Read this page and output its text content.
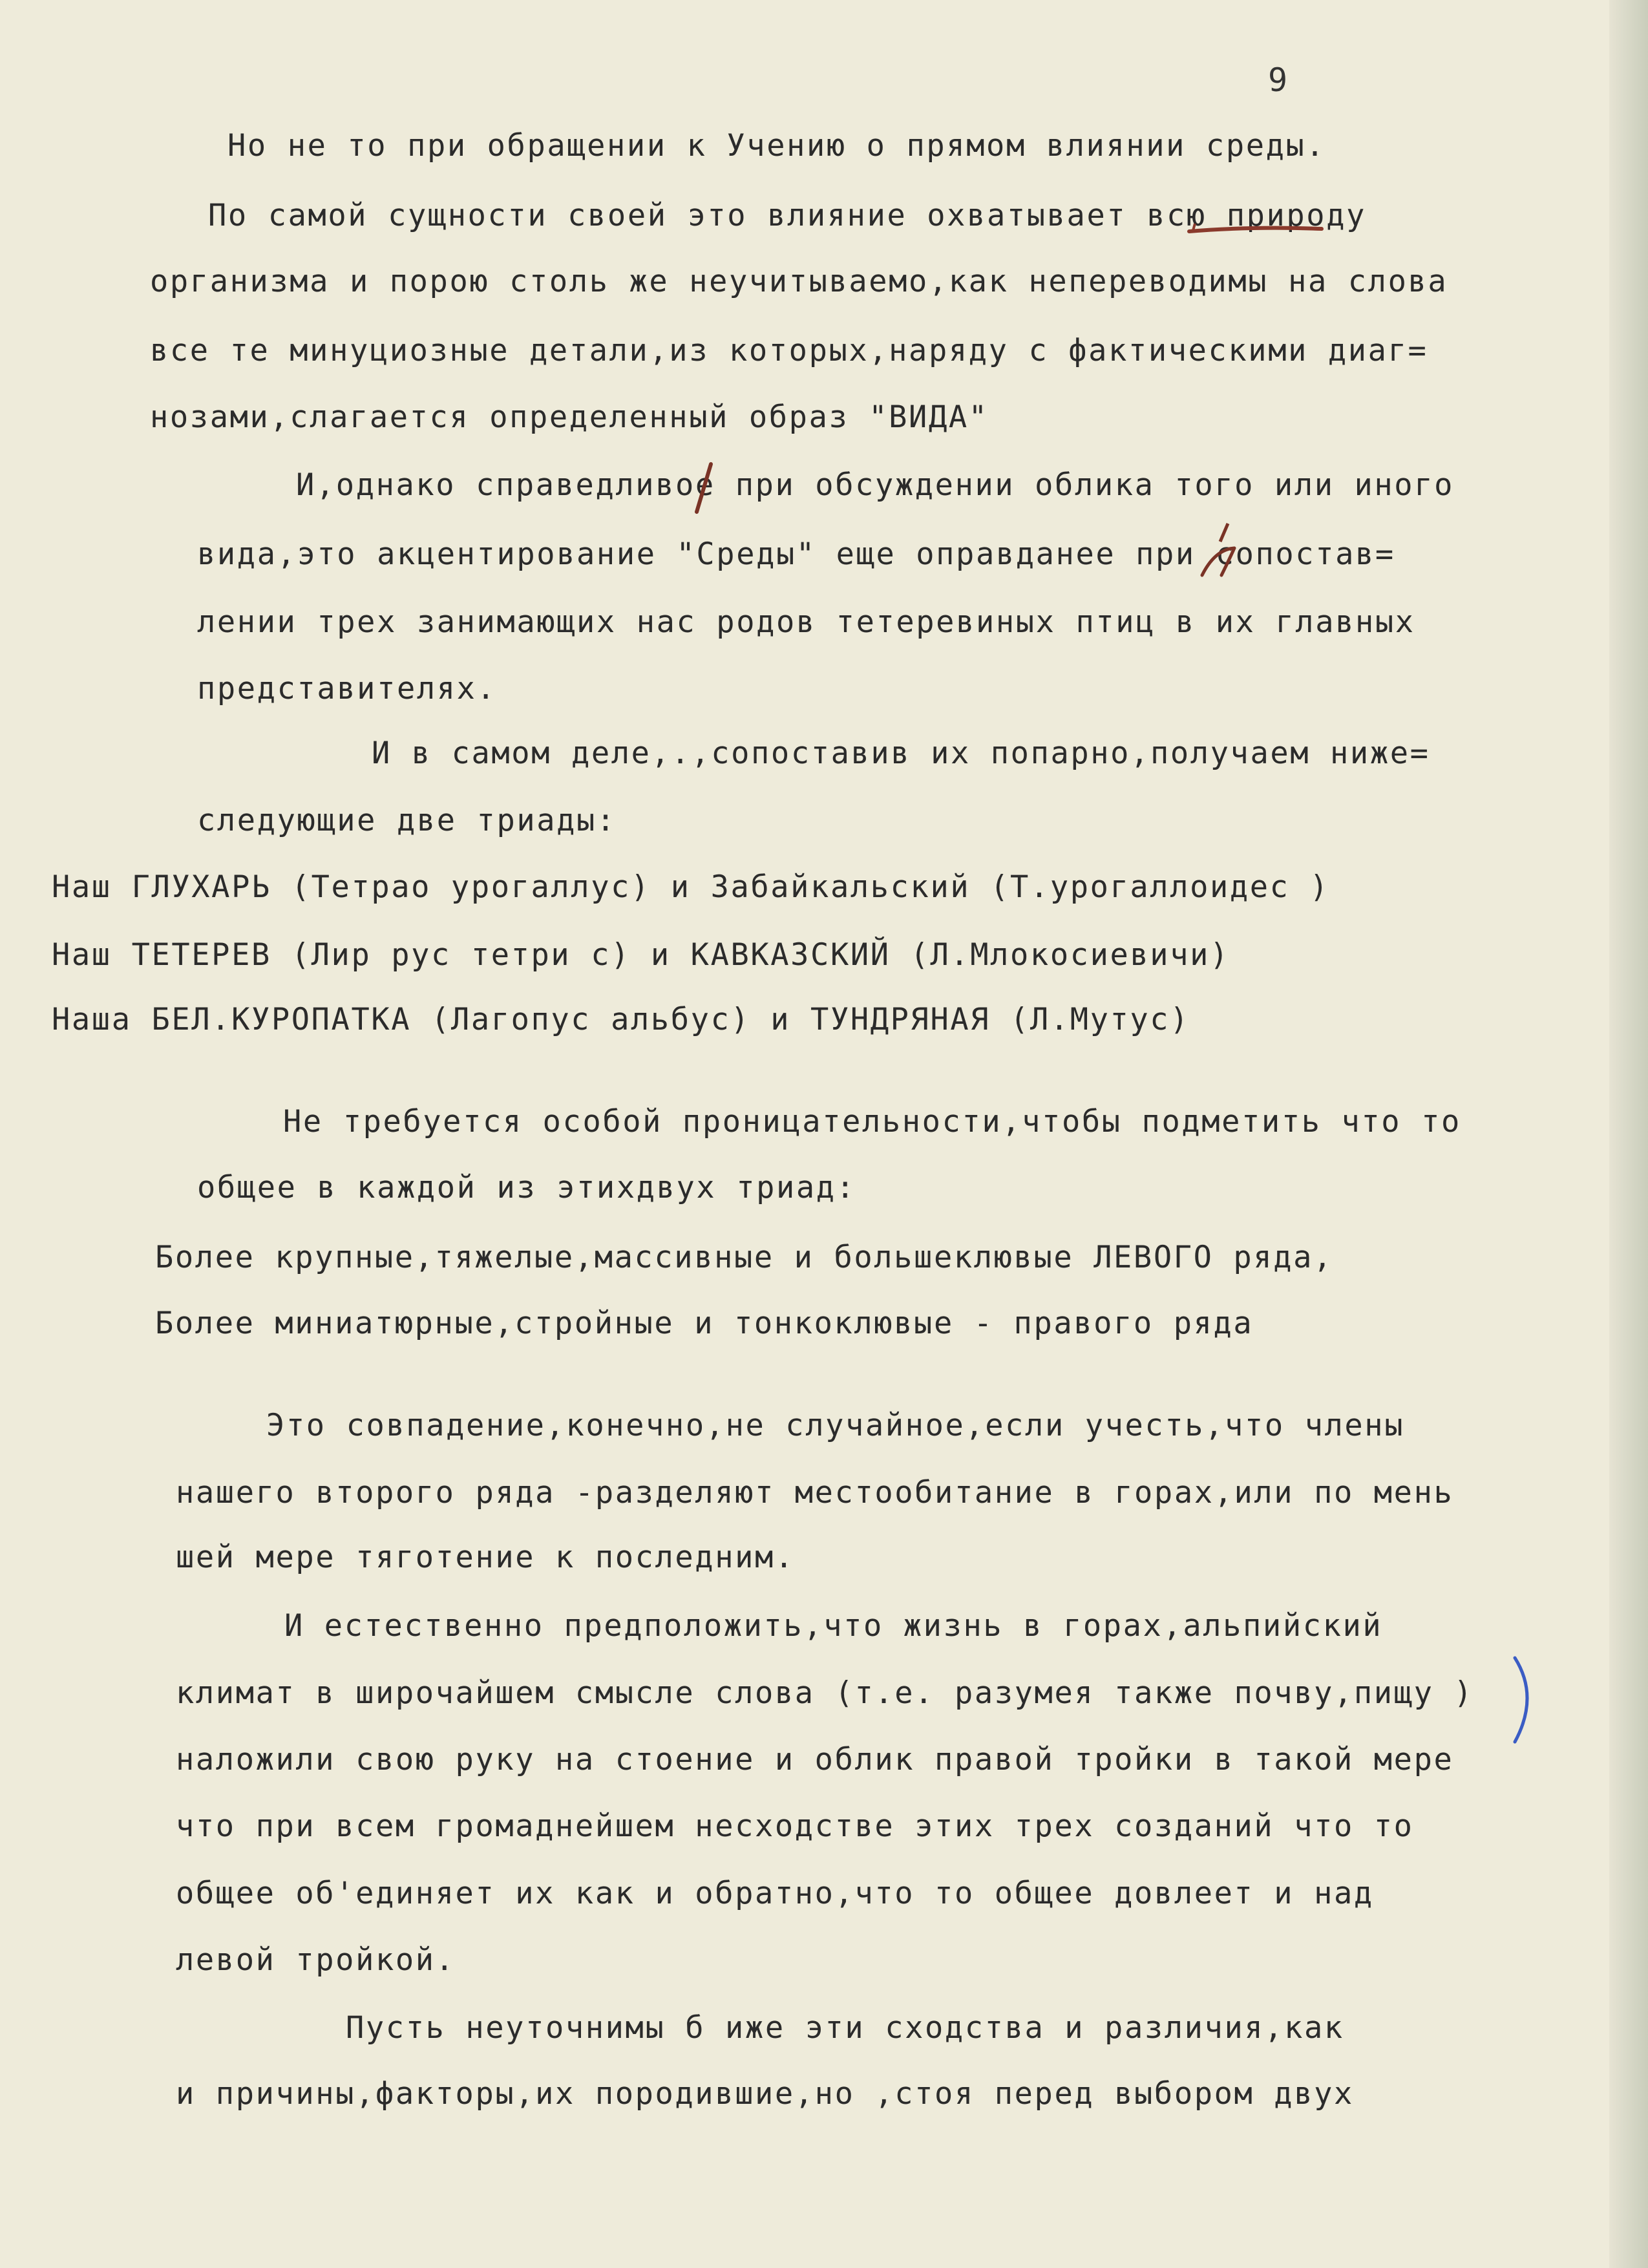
9
Но не то при обращении к Учению о прямом влиянии среды.
По самой сущности своей это влияние охватывает всю природу
организма и порою столь же неучитываемо,как непереводимы на слова
все те минуциозные детали,из которых,наряду с фактическими диаг=
нозами,слагается определенный образ "ВИДА"
И,однако справедливое при обсуждении облика того или иного
вида,это акцентирование "Среды" еще оправданее при сопостав=
лении трех занимающих нас родов тетеревиных птиц в их главных
представителях.
И в самом деле,.,сопоставив их попарно,получаем ниже=
следующие две триады:
Наш ГЛУХАРЬ (Тетрао урогаллус) и Забайкальский (Т.урогаллоидес )
Наш ТЕТЕРЕВ (Лир рус тетри с) и КАВКАЗСКИЙ (Л.Млокосиевичи)
Наша БЕЛ.КУРОПАТКА (Лагопус альбус) и ТУНДРЯНАЯ (Л.Мутус)
Не требуется особой проницательности,чтобы подметить что то
общее в каждой из этихдвух триад:
Более крупные,тяжелые,массивные и большеклювые ЛЕВОГО ряда,
Более миниатюрные,стройные и тонкоклювые - правого ряда
Это совпадение,конечно,не случайное,если учесть,что члены
нашего второго ряда -разделяют местообитание в горах,или по мень
шей мере тяготение к последним.
И естественно предположить,что жизнь в горах,альпийский
климат в широчайшем смысле слова (т.е. разумея также почву,пищу )
наложили свою руку на стоение и облик правой тройки в такой мере
что при всем громаднейшем несходстве этих трех созданий что то
общее об'единяет их как и обратно,что то общее довлеет и над
левой тройкой.
Пусть неуточнимы б иже эти сходства и различия,как
и причины,факторы,их породившие,но ,стоя перед выбором двух
